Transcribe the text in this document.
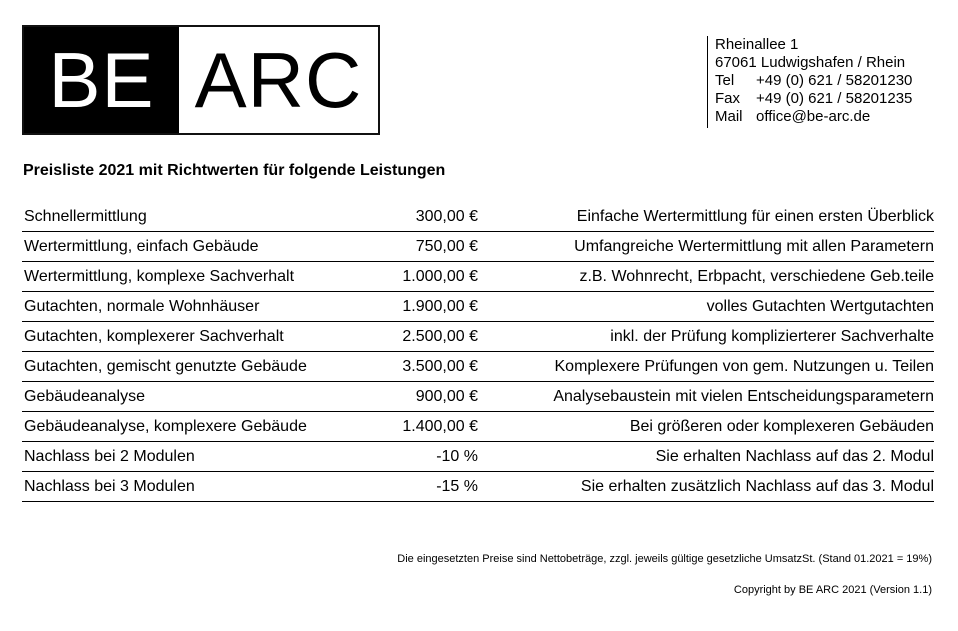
BE ARC	Rheinallee 1
67061 Ludwigshafen / Rhein
Tel +49 (0) 621 / 58201230
Fax +49 (0) 621 / 58201235
Mail office@be-arc.de
Preisliste 2021 mit Richtwerten für folgende Leistungen
Schnellermittlung	300,00 €	Einfache Wertermittlung für einen ersten Überblick
Wertermittlung, einfach Gebäude	750,00 €	Umfangreiche Wertermittlung mit allen Parametern
Wertermittlung, komplexe Sachverhalt	1.000,00 €	z.B. Wohnrecht, Erbpacht, verschiedene Geb.teile
Gutachten, normale Wohnhäuser	1.900,00 €	volles Gutachten Wertgutachten
Gutachten, komplexerer Sachverhalt	2.500,00 €	inkl. der Prüfung komplizierterer Sachverhalte
Gutachten, gemischt genutzte Gebäude	3.500,00 €	Komplexere Prüfungen von gem. Nutzungen u. Teilen
Gebäudeanalyse	900,00 €	Analysebaustein mit vielen Entscheidungsparametern
Gebäudeanalyse, komplexere Gebäude	1.400,00 €	Bei größeren oder komplexeren Gebäuden
Nachlass bei 2 Modulen	-10 %	Sie erhalten Nachlass auf das 2. Modul
Nachlass bei 3 Modulen	-15 %	Sie erhalten zusätzlich Nachlass auf das 3. Modul
Die eingesetzten Preise sind Nettobeträge, zzgl. jeweils gültige gesetzliche UmsatzSt. (Stand 01.2021 = 19%)
Copyright by BE ARC 2021 (Version 1.1)
